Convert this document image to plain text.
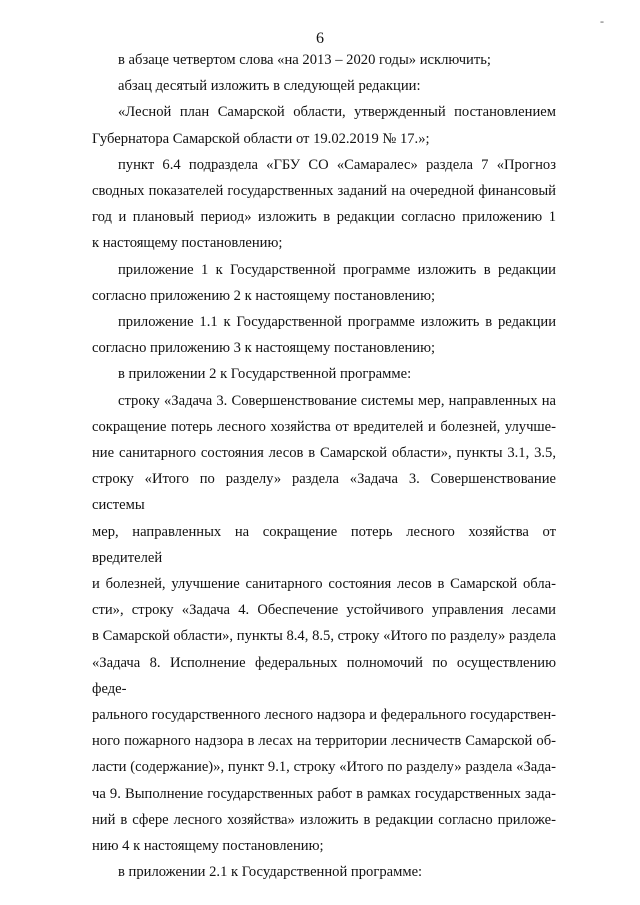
6
-
в абзаце четвертом слова «на 2013 – 2020 годы» исключить;
абзац десятый изложить в следующей редакции:
«Лесной план Самарской области, утвержденный постановлением
Губернатора Самарской области от 19.02.2019 № 17.»;
пункт 6.4 подраздела «ГБУ СО «Самаралес» раздела 7 «Прогноз
сводных показателей государственных заданий на очередной финансовый
год и плановый период» изложить в редакции согласно приложению 1
к настоящему постановлению;
приложение 1 к Государственной программе изложить в редакции
согласно приложению 2 к настоящему постановлению;
приложение 1.1 к Государственной программе изложить в редакции
согласно приложению 3 к настоящему постановлению;
в приложении 2 к Государственной программе:
строку «Задача 3. Совершенствование системы мер, направленных на
сокращение потерь лесного хозяйства от вредителей и болезней, улучше-
ние санитарного состояния лесов в Самарской области», пункты 3.1, 3.5,
строку «Итого по разделу» раздела «Задача 3. Совершенствование системы
мер, направленных на сокращение потерь лесного хозяйства от вредителей
и болезней, улучшение санитарного состояния лесов в Самарской обла-
сти», строку «Задача 4. Обеспечение устойчивого управления лесами
в Самарской области», пункты 8.4, 8.5, строку «Итого по разделу» раздела
«Задача 8. Исполнение федеральных полномочий по осуществлению феде-
рального государственного лесного надзора и федерального государствен-
ного пожарного надзора в лесах на территории лесничеств Самарской об-
ласти (содержание)», пункт 9.1, строку «Итого по разделу» раздела «Зада-
ча 9. Выполнение государственных работ в рамках государственных зада-
ний в сфере лесного хозяйства» изложить в редакции согласно приложе-
нию 4 к настоящему постановлению;
в приложении 2.1 к Государственной программе:
